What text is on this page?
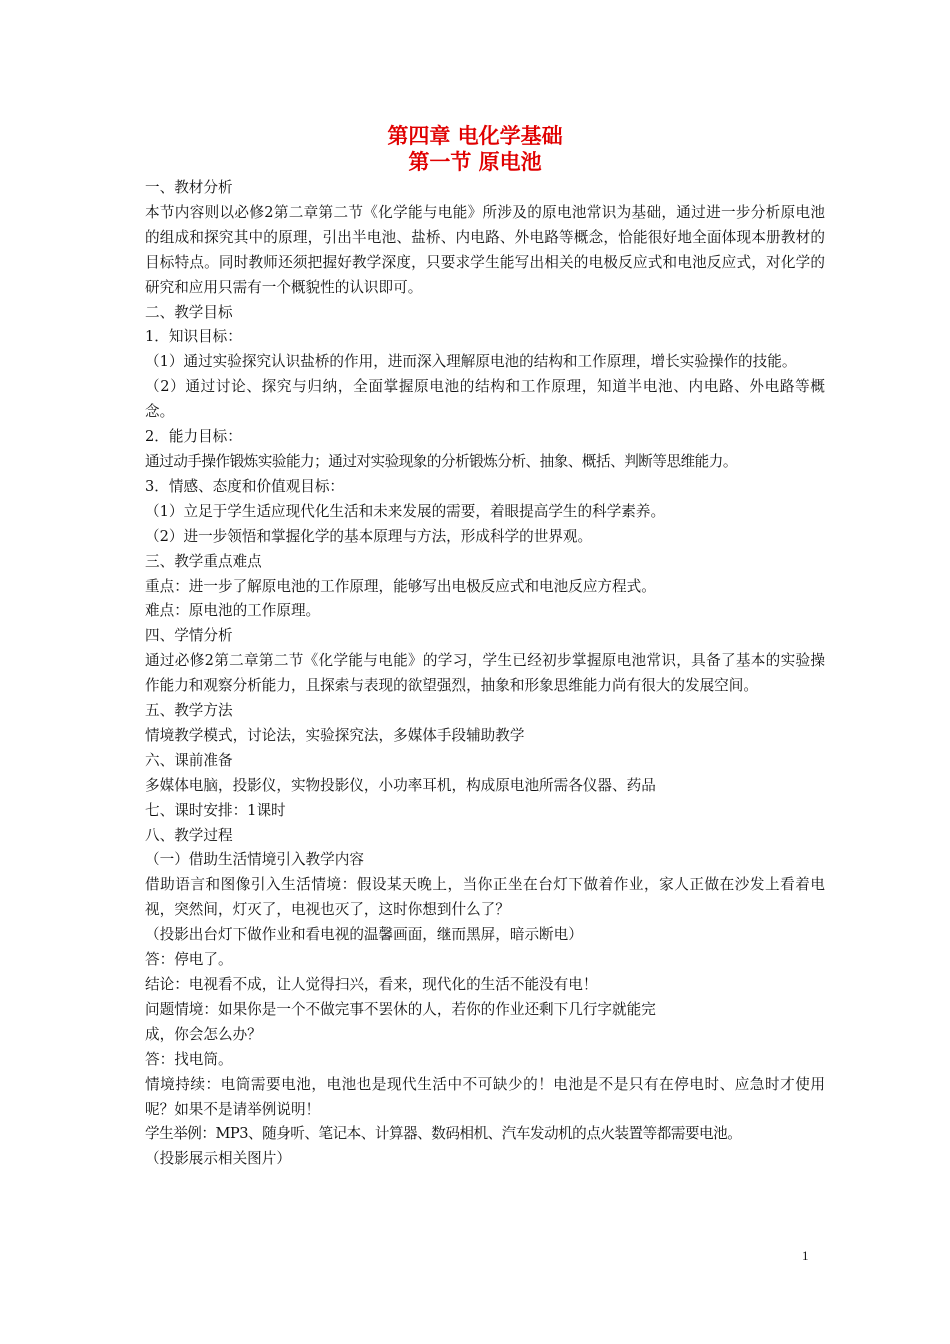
第四章 电化学基础
第一节 原电池

一、教材分析

本节内容则以必修2第二章第二节《化学能与电能》所涉及的原电池常识为基础，通过进一步分析原电池的组成和探究其中的原理，引出半电池、盐桥、内电路、外电路等概念，恰能很好地全面体现本册教材的目标特点。同时教师还须把握好教学深度，只要求学生能写出相关的电极反应式和电池反应式，对化学的研究和应用只需有一个概貌性的认识即可。

二、教学目标

1．知识目标：

（1）通过实验探究认识盐桥的作用，进而深入理解原电池的结构和工作原理，增长实验操作的技能。

（2）通过讨论、探究与归纳，全面掌握原电池的结构和工作原理，知道半电池、内电路、外电路等概念。

2．能力目标：

通过动手操作锻炼实验能力；通过对实验现象的分析锻炼分析、抽象、概括、判断等思维能力。

3．情感、态度和价值观目标：

（1）立足于学生适应现代化生活和未来发展的需要，着眼提高学生的科学素养。

（2）进一步领悟和掌握化学的基本原理与方法，形成科学的世界观。

三、教学重点难点

重点：进一步了解原电池的工作原理，能够写出电极反应式和电池反应方程式。

难点：原电池的工作原理。

四、学情分析

通过必修2第二章第二节《化学能与电能》的学习，学生已经初步掌握原电池常识，具备了基本的实验操作能力和观察分析能力，且探索与表现的欲望强烈，抽象和形象思维能力尚有很大的发展空间。

五、教学方法

情境教学模式，讨论法，实验探究法，多媒体手段辅助教学

六、课前准备

多媒体电脑，投影仪，实物投影仪，小功率耳机，构成原电池所需各仪器、药品

七、课时安排：1课时

八、教学过程

（一）借助生活情境引入教学内容

借助语言和图像引入生活情境：假设某天晚上，当你正坐在台灯下做着作业，家人正做在沙发上看着电视，突然间，灯灭了，电视也灭了，这时你想到什么了？

（投影出台灯下做作业和看电视的温馨画面，继而黑屏，暗示断电）

答：停电了。

结论：电视看不成，让人觉得扫兴，看来，现代化的生活不能没有电！

问题情境：如果你是一个不做完事不罢休的人，若你的作业还剩下几行字就能完

成，你会怎么办？

答：找电筒。

情境持续：电筒需要电池，电池也是现代生活中不可缺少的！电池是不是只有在停电时、应急时才使用呢？如果不是请举例说明！

学生举例：MP3、随身听、笔记本、计算器、数码相机、汽车发动机的点火装置等都需要电池。

（投影展示相关图片）

1
